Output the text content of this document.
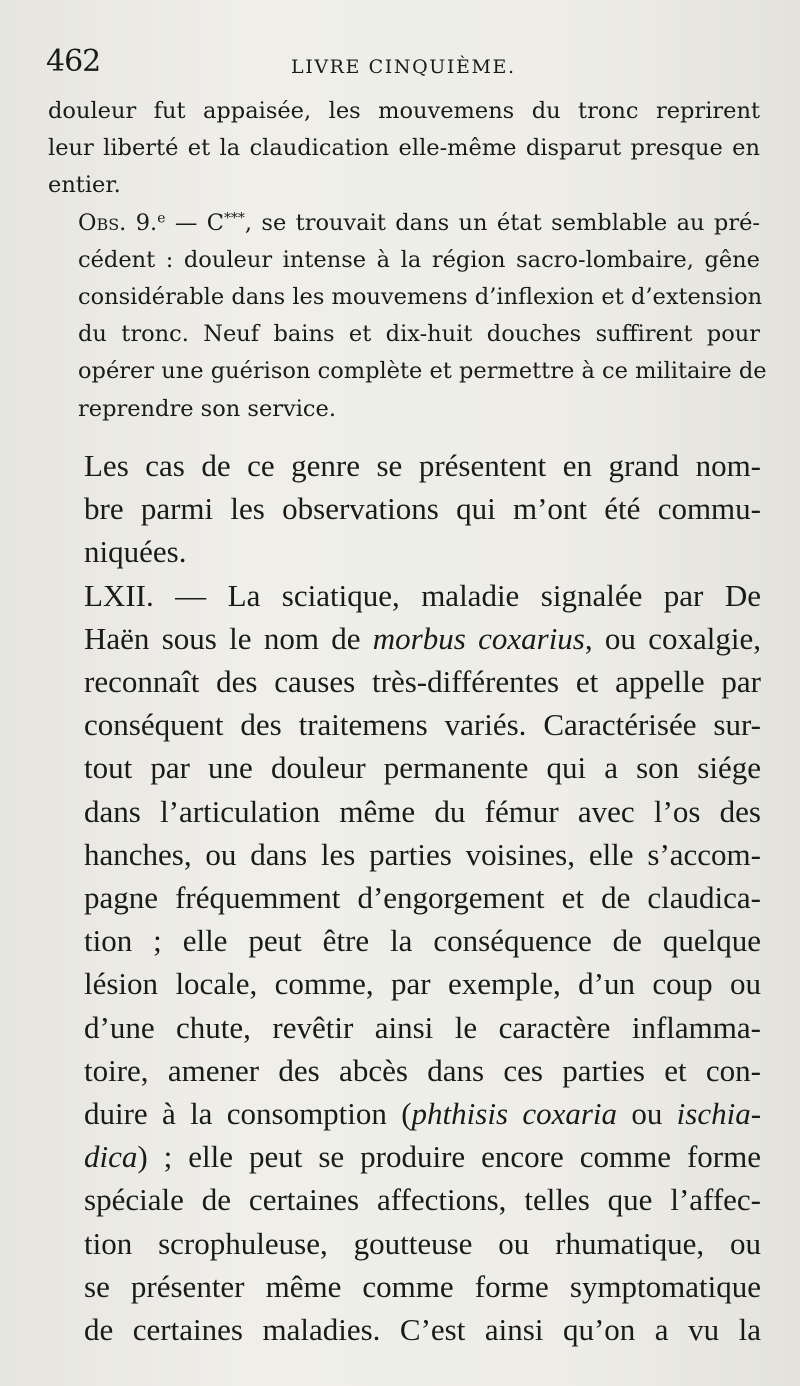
462	LIVRE CINQUIÈME.

douleur fut appaisée, les mouvemens du tronc reprirent
leur liberté et la claudication elle-même disparut presque en
entier.

Obs. 9.$^e$ — C***, se trouvait dans un état semblable au pré-
cédent : douleur intense à la région sacro-lombaire, gêne
considérable dans les mouvemens d’inflexion et d’extension
du tronc. Neuf bains et dix-huit douches suffirent pour
opérer une guérison complète et permettre à ce militaire de
reprendre son service.

Les cas de ce genre se présentent en grand nom-
bre parmi les observations qui m’ont été commu-
niquées.

LXII. — La sciatique, maladie signalée par De
Haën sous le nom de morbus coxarius, ou coxalgie,
reconnaît des causes très-différentes et appelle par
conséquent des traitemens variés. Caractérisée sur-
tout par une douleur permanente qui a son siége
dans l’articulation même du fémur avec l’os des
hanches, ou dans les parties voisines, elle s’accom-
pagne fréquemment d’engorgement et de claudica-
tion ; elle peut être la conséquence de quelque
lésion locale, comme, par exemple, d’un coup ou
d’une chute, revêtir ainsi le caractère inflamma-
toire, amener des abcès dans ces parties et con-
duire à la consomption (phthisis coxaria ou ischia-
dica) ; elle peut se produire encore comme forme
spéciale de certaines affections, telles que l’affec-
tion scrophuleuse, goutteuse ou rhumatique, ou
se présenter même comme forme symptomatique
de certaines maladies. C’est ainsi qu’on a vu la
